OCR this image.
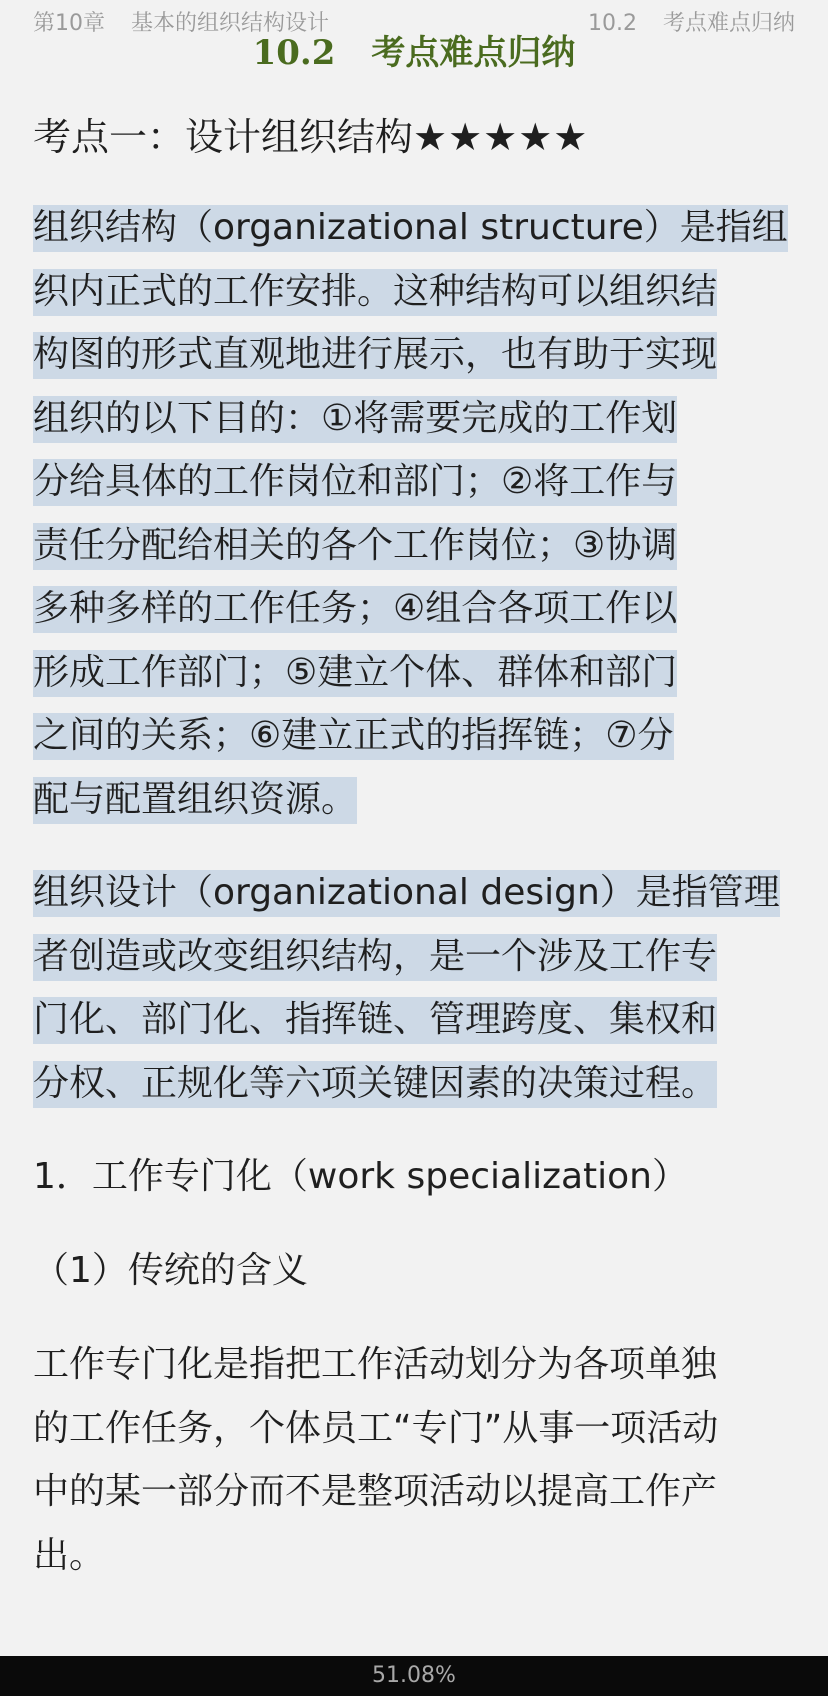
第10章 基本的组织结构设计	10.2 考点难点归纳
10.2 考点难点归纳
考点一：设计组织结构★★★★★
组织结构（organizational structure）是指组
织内正式的工作安排。这种结构可以组织结
构图的形式直观地进行展示，也有助于实现
组织的以下目的：①将需要完成的工作划
分给具体的工作岗位和部门；②将工作与
责任分配给相关的各个工作岗位；③协调
多种多样的工作任务；④组合各项工作以
形成工作部门；⑤建立个体、群体和部门
之间的关系；⑥建立正式的指挥链；⑦分
配与配置组织资源。
组织设计（organizational design）是指管理
者创造或改变组织结构，是一个涉及工作专
门化、部门化、指挥链、管理跨度、集权和
分权、正规化等六项关键因素的决策过程。
1．工作专门化（work specialization）
（1）传统的含义
工作专门化是指把工作活动划分为各项单独
的工作任务，个体员工“专门”从事一项活动
中的某一部分而不是整项活动以提高工作产
出。
51.08%
